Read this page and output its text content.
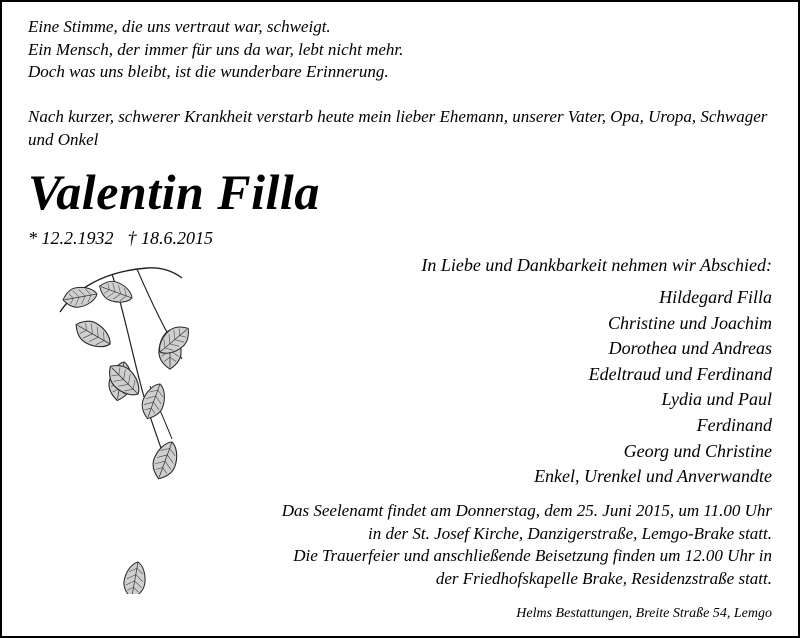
Eine Stimme, die uns vertraut war, schweigt.
Ein Mensch, der immer für uns da war, lebt nicht mehr.
Doch was uns bleibt, ist die wunderbare Erinnerung.
Nach kurzer, schwerer Krankheit verstarb heute mein lieber Ehemann, unserer Vater, Opa, Uropa, Schwager und Onkel
Valentin Filla
* 12.2.1932 † 18.6.2015
In Liebe und Dankbarkeit nehmen wir Abschied:
Hildegard Filla
Christine und Joachim
Dorothea und Andreas
Edeltraud und Ferdinand
Lydia und Paul
Ferdinand
Georg und Christine
Enkel, Urenkel und Anverwandte
Das Seelenamt findet am Donnerstag, dem 25. Juni 2015, um 11.00 Uhr
in der St. Josef Kirche, Danzigerstraße, Lemgo-Brake statt.
Die Trauerfeier und anschließende Beisetzung finden um 12.00 Uhr in
der Friedhofskapelle Brake, Residenzstraße statt.
Helms Bestattungen, Breite Straße 54, Lemgo
